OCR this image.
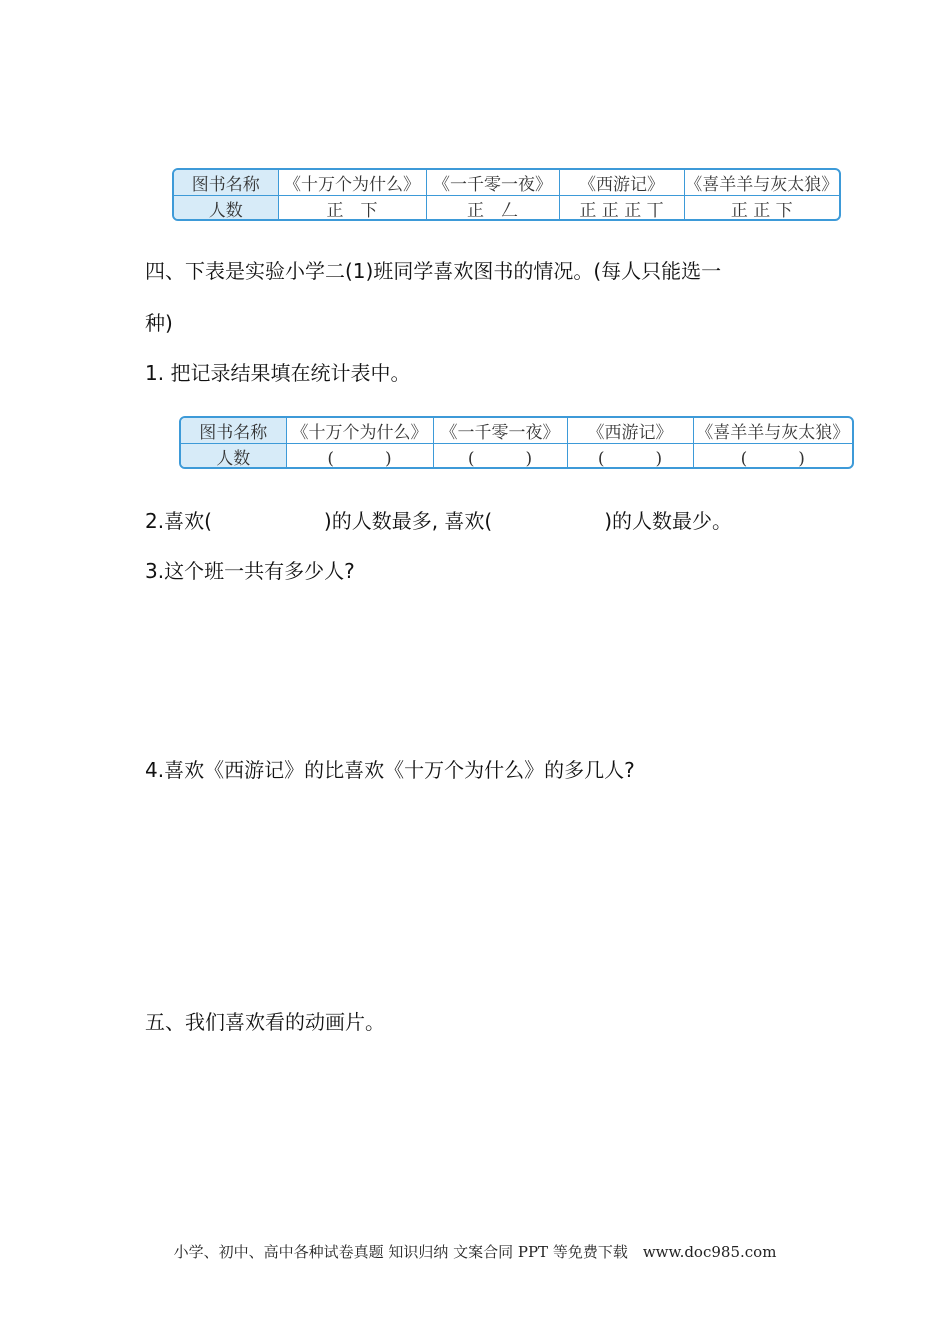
图书名称	《十万个为什么》	《一千零一夜》	《西游记》	《喜羊羊与灰太狼》
人数	正　下	正　𠃋	正 正 正 丅	正 正 下
四、下表是实验小学二(1)班同学喜欢图书的情况。(每人只能选一
种)
1. 把记录结果填在统计表中。
图书名称	《十万个为什么》	《一千零一夜》	《西游记》	《喜羊羊与灰太狼》
人数	(　　　)	(　　　)	(　　　)	(　　　)
2.喜欢(	)的人数最多, 喜欢(	)的人数最少。
3.这个班一共有多少人?
4.喜欢《西游记》的比喜欢《十万个为什么》的多几人?
五、我们喜欢看的动画片。
小学、初中、高中各种试卷真题 知识归纳 文案合同 PPT 等免费下载　www.doc985.com
